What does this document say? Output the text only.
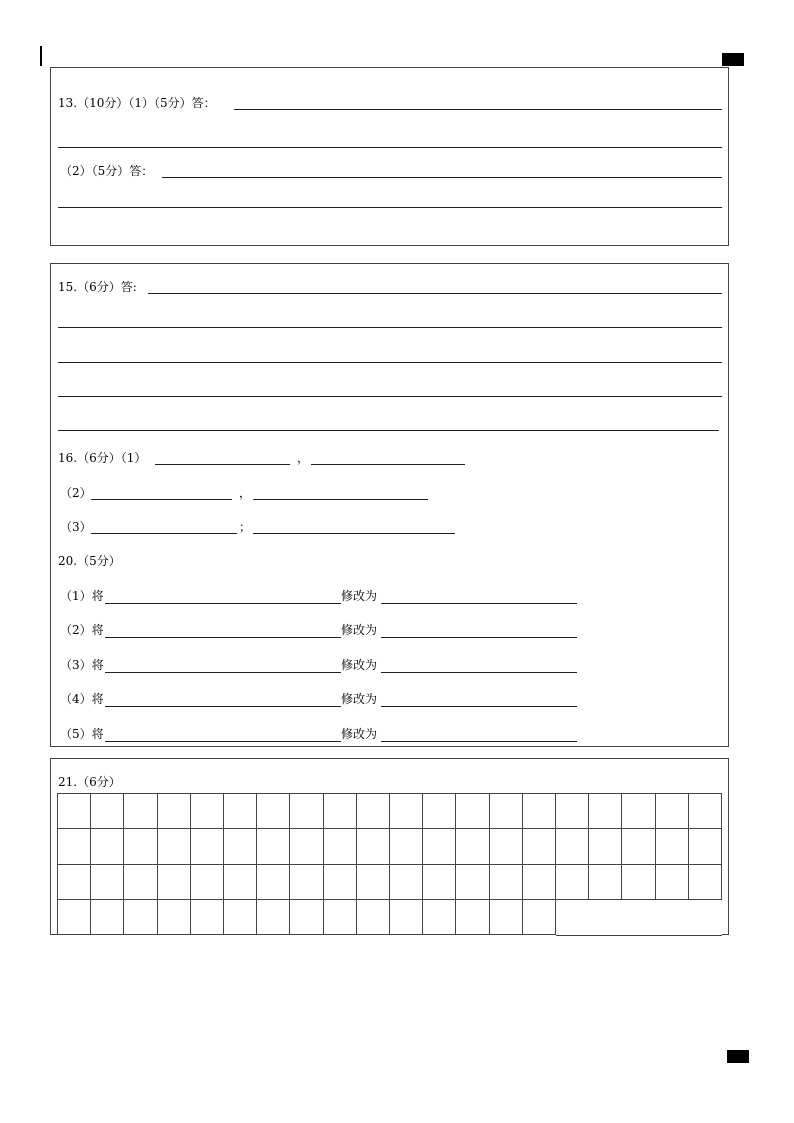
13.（10分）（1）（5分）答：
（2）（5分）答：
15.（6分）答:
16.（6分）（1）	，
（2）	，
（3）	；
20.（5分）
（1）将	修改为
（2）将	修改为
（3）将	修改为
（4）将	修改为
（5）将	修改为
21.（6分）
